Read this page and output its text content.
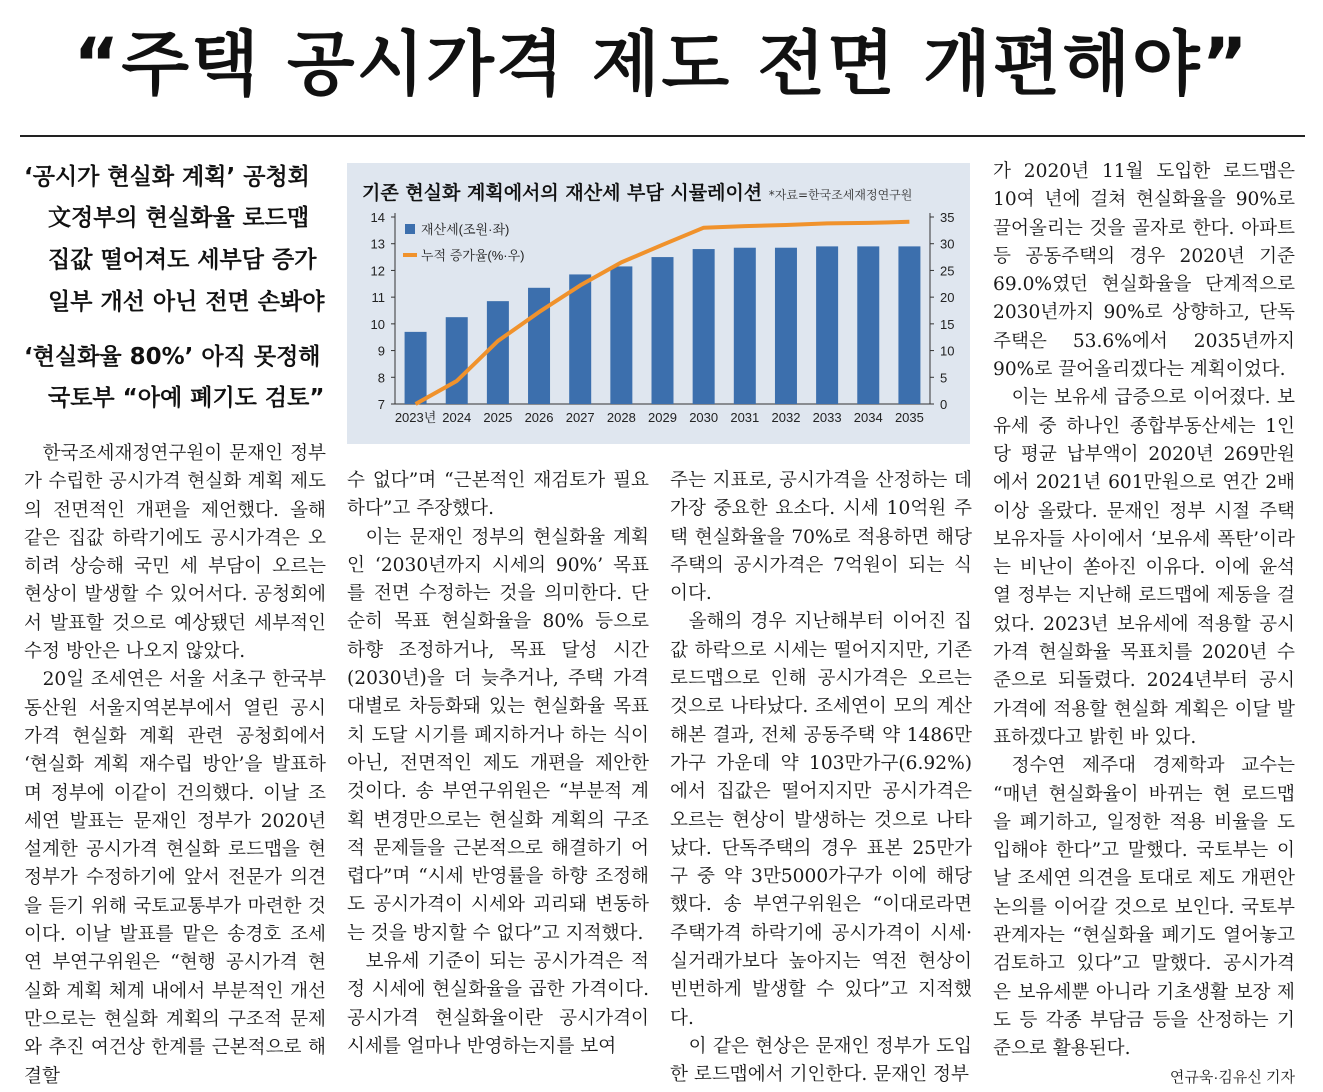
“주택 공시가격 제도 전면 개편해야”
‘공시가 현실화 계획’ 공청회
文정부의 현실화율 로드맵
집값 떨어져도 세부담 증가
일부 개선 아닌 전면 손봐야
‘현실화율 80%’ 아직 못정해
국토부 “아예 폐기도 검토”
기존 현실화 계획에서의 재산세 부담 시뮬레이션 *자료=한국조세재정연구원
7
8
9
10
11
12
13
14
0
5
10
15
20
25
30
35
2023년 2024 2025 2026 2027 2028 2029 2030 2031 2032 2033 2034 2035
재산세(조원·좌)
누적 증가율(%·우)

한국조세재정연구원이 문재인 정부가 수립한 공시가격 현실화 계획 제도의 전면적인 개편을 제언했다. 올해 같은 집값 하락기에도 공시가격은 오히려 상승해 국민 세 부담이 오르는 현상이 발생할 수 있어서다. 공청회에서 발표할 것으로 예상됐던 세부적인 수정 방안은 나오지 않았다.

20일 조세연은 서울 서초구 한국부동산원 서울지역본부에서 열린 공시가격 현실화 계획 관련 공청회에서 ‘현실화 계획 재수립 방안’을 발표하며 정부에 이같이 건의했다. 이날 조세연 발표는 문재인 정부가 2020년 설계한 공시가격 현실화 로드맵을 현 정부가 수정하기에 앞서 전문가 의견을 듣기 위해 국토교통부가 마련한 것이다. 이날 발표를 맡은 송경호 조세연 부연구위원은 “현행 공시가격 현실화 계획 체계 내에서 부분적인 개선만으로는 현실화 계획의 구조적 문제와 추진 여건상 한계를 근본적으로 해결할

수 없다”며 “근본적인 재검토가 필요하다”고 주장했다.

이는 문재인 정부의 현실화율 계획인 ‘2030년까지 시세의 90%’ 목표를 전면 수정하는 것을 의미한다. 단순히 목표 현실화율을 80% 등으로 하향 조정하거나, 목표 달성 시간(2030년)을 더 늦추거나, 주택 가격대별로 차등화돼 있는 현실화율 목표치 도달 시기를 폐지하거나 하는 식이 아닌, 전면적인 제도 개편을 제안한 것이다. 송 부연구위원은 “부분적 계획 변경만으로는 현실화 계획의 구조적 문제들을 근본적으로 해결하기 어렵다”며 “시세 반영률을 하향 조정해도 공시가격이 시세와 괴리돼 변동하는 것을 방지할 수 없다”고 지적했다.

보유세 기준이 되는 공시가격은 적정 시세에 현실화율을 곱한 가격이다. 공시가격 현실화율이란 공시가격이 시세를 얼마나 반영하는지를 보여

주는 지표로, 공시가격을 산정하는 데 가장 중요한 요소다. 시세 10억원 주택 현실화율을 70%로 적용하면 해당 주택의 공시가격은 7억원이 되는 식이다.

올해의 경우 지난해부터 이어진 집값 하락으로 시세는 떨어지지만, 기존 로드맵으로 인해 공시가격은 오르는 것으로 나타났다. 조세연이 모의 계산해본 결과, 전체 공동주택 약 1486만가구 가운데 약 103만가구(6.92%)에서 집값은 떨어지지만 공시가격은 오르는 현상이 발생하는 것으로 나타났다. 단독주택의 경우 표본 25만가구 중 약 3만5000가구가 이에 해당했다. 송 부연구위원은 “이대로라면 주택가격 하락기에 공시가격이 시세·실거래가보다 높아지는 역전 현상이 빈번하게 발생할 수 있다”고 지적했다.

이 같은 현상은 문재인 정부가 도입한 로드맵에서 기인한다. 문재인 정부

가 2020년 11월 도입한 로드맵은 10여 년에 걸쳐 현실화율을 90%로 끌어올리는 것을 골자로 한다. 아파트 등 공동주택의 경우 2020년 기준 69.0%였던 현실화율을 단계적으로 2030년까지 90%로 상향하고, 단독주택은 53.6%에서 2035년까지 90%로 끌어올리겠다는 계획이었다.

이는 보유세 급증으로 이어졌다. 보유세 중 하나인 종합부동산세는 1인당 평균 납부액이 2020년 269만원에서 2021년 601만원으로 연간 2배 이상 올랐다. 문재인 정부 시절 주택 보유자들 사이에서 ‘보유세 폭탄’이라는 비난이 쏟아진 이유다. 이에 윤석열 정부는 지난해 로드맵에 제동을 걸었다. 2023년 보유세에 적용할 공시가격 현실화율 목표치를 2020년 수준으로 되돌렸다. 2024년부터 공시가격에 적용할 현실화 계획은 이달 발표하겠다고 밝힌 바 있다.

정수연 제주대 경제학과 교수는 “매년 현실화율이 바뀌는 현 로드맵을 폐기하고, 일정한 적용 비율을 도입해야 한다”고 말했다. 국토부는 이날 조세연 의견을 토대로 제도 개편안 논의를 이어갈 것으로 보인다. 국토부 관계자는 “현실화율 폐기도 열어놓고 검토하고 있다”고 말했다. 공시가격은 보유세뿐 아니라 기초생활 보장 제도 등 각종 부담금 등을 산정하는 기준으로 활용된다.

연규욱·김유신 기자
